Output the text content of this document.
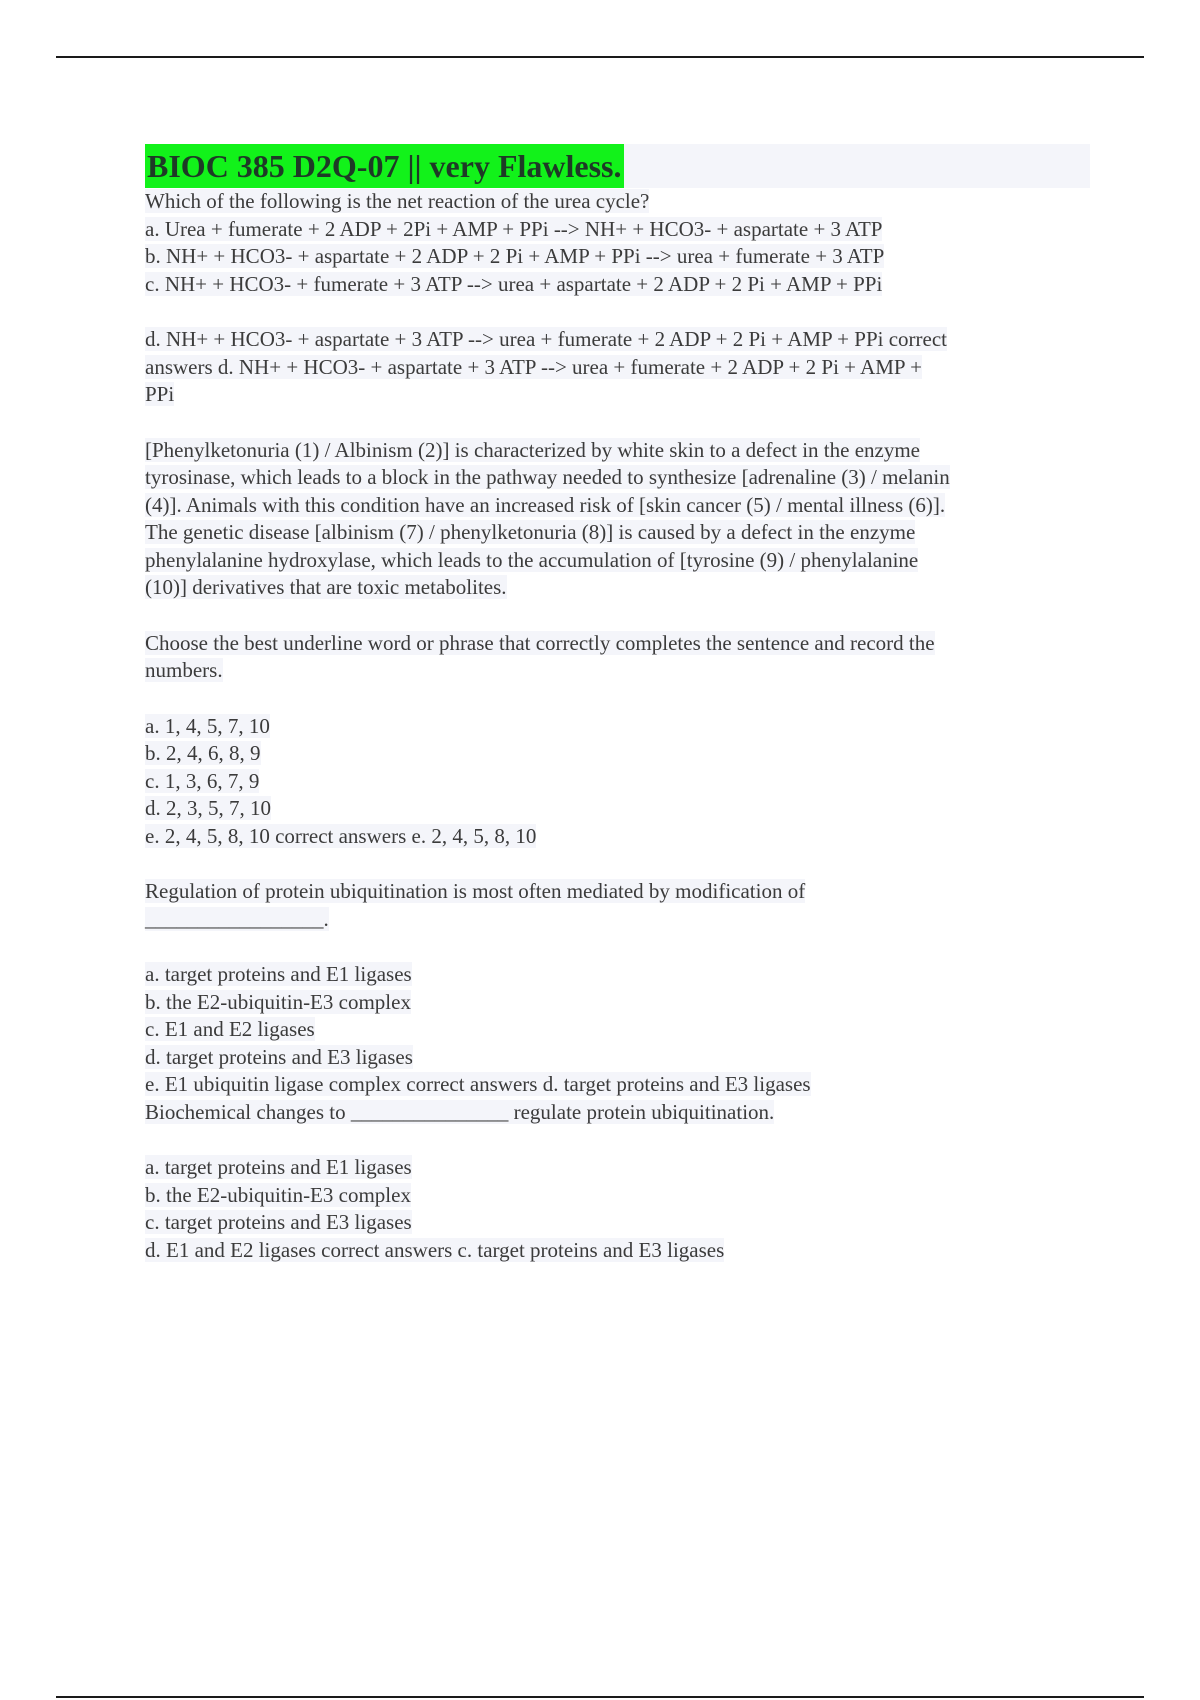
BIOC 385 D2Q-07 || very Flawless.

Which of the following is the net reaction of the urea cycle?

a. Urea + fumerate + 2 ADP + 2Pi + AMP + PPi --> NH+ + HCO3- + aspartate + 3 ATP

b. NH+ + HCO3- + aspartate + 2 ADP + 2 Pi + AMP + PPi --> urea + fumerate + 3 ATP

c. NH+ + HCO3- + fumerate + 3 ATP --> urea + aspartate + 2 ADP + 2 Pi + AMP + PPi

d. NH+ + HCO3- + aspartate + 3 ATP --> urea + fumerate + 2 ADP + 2 Pi + AMP + PPi correct
answers d. NH+ + HCO3- + aspartate + 3 ATP --> urea + fumerate + 2 ADP + 2 Pi + AMP +
PPi
[Phenylketonuria (1) / Albinism (2)] is characterized by white skin to a defect in the enzyme
tyrosinase, which leads to a block in the pathway needed to synthesize [adrenaline (3) / melanin
(4)]. Animals with this condition have an increased risk of [skin cancer (5) / mental illness (6)].
The genetic disease [albinism (7) / phenylketonuria (8)] is caused by a defect in the enzyme
phenylalanine hydroxylase, which leads to the accumulation of [tyrosine (9) / phenylalanine
(10)] derivatives that are toxic metabolites.
Choose the best underline word or phrase that correctly completes the sentence and record the
numbers.
a. 1, 4, 5, 7, 10
b. 2, 4, 6, 8, 9
c. 1, 3, 6, 7, 9
d. 2, 3, 5, 7, 10
e. 2, 4, 5, 8, 10 correct answers e. 2, 4, 5, 8, 10
Regulation of protein ubiquitination is most often mediated by modification of
_________________.
a. target proteins and E1 ligases
b. the E2-ubiquitin-E3 complex
c. E1 and E2 ligases
d. target proteins and E3 ligases
e. E1 ubiquitin ligase complex correct answers d. target proteins and E3 ligases

Biochemical changes to _______________ regulate protein ubiquitination.

a. target proteins and E1 ligases
b. the E2-ubiquitin-E3 complex
c. target proteins and E3 ligases
d. E1 and E2 ligases correct answers c. target proteins and E3 ligases
